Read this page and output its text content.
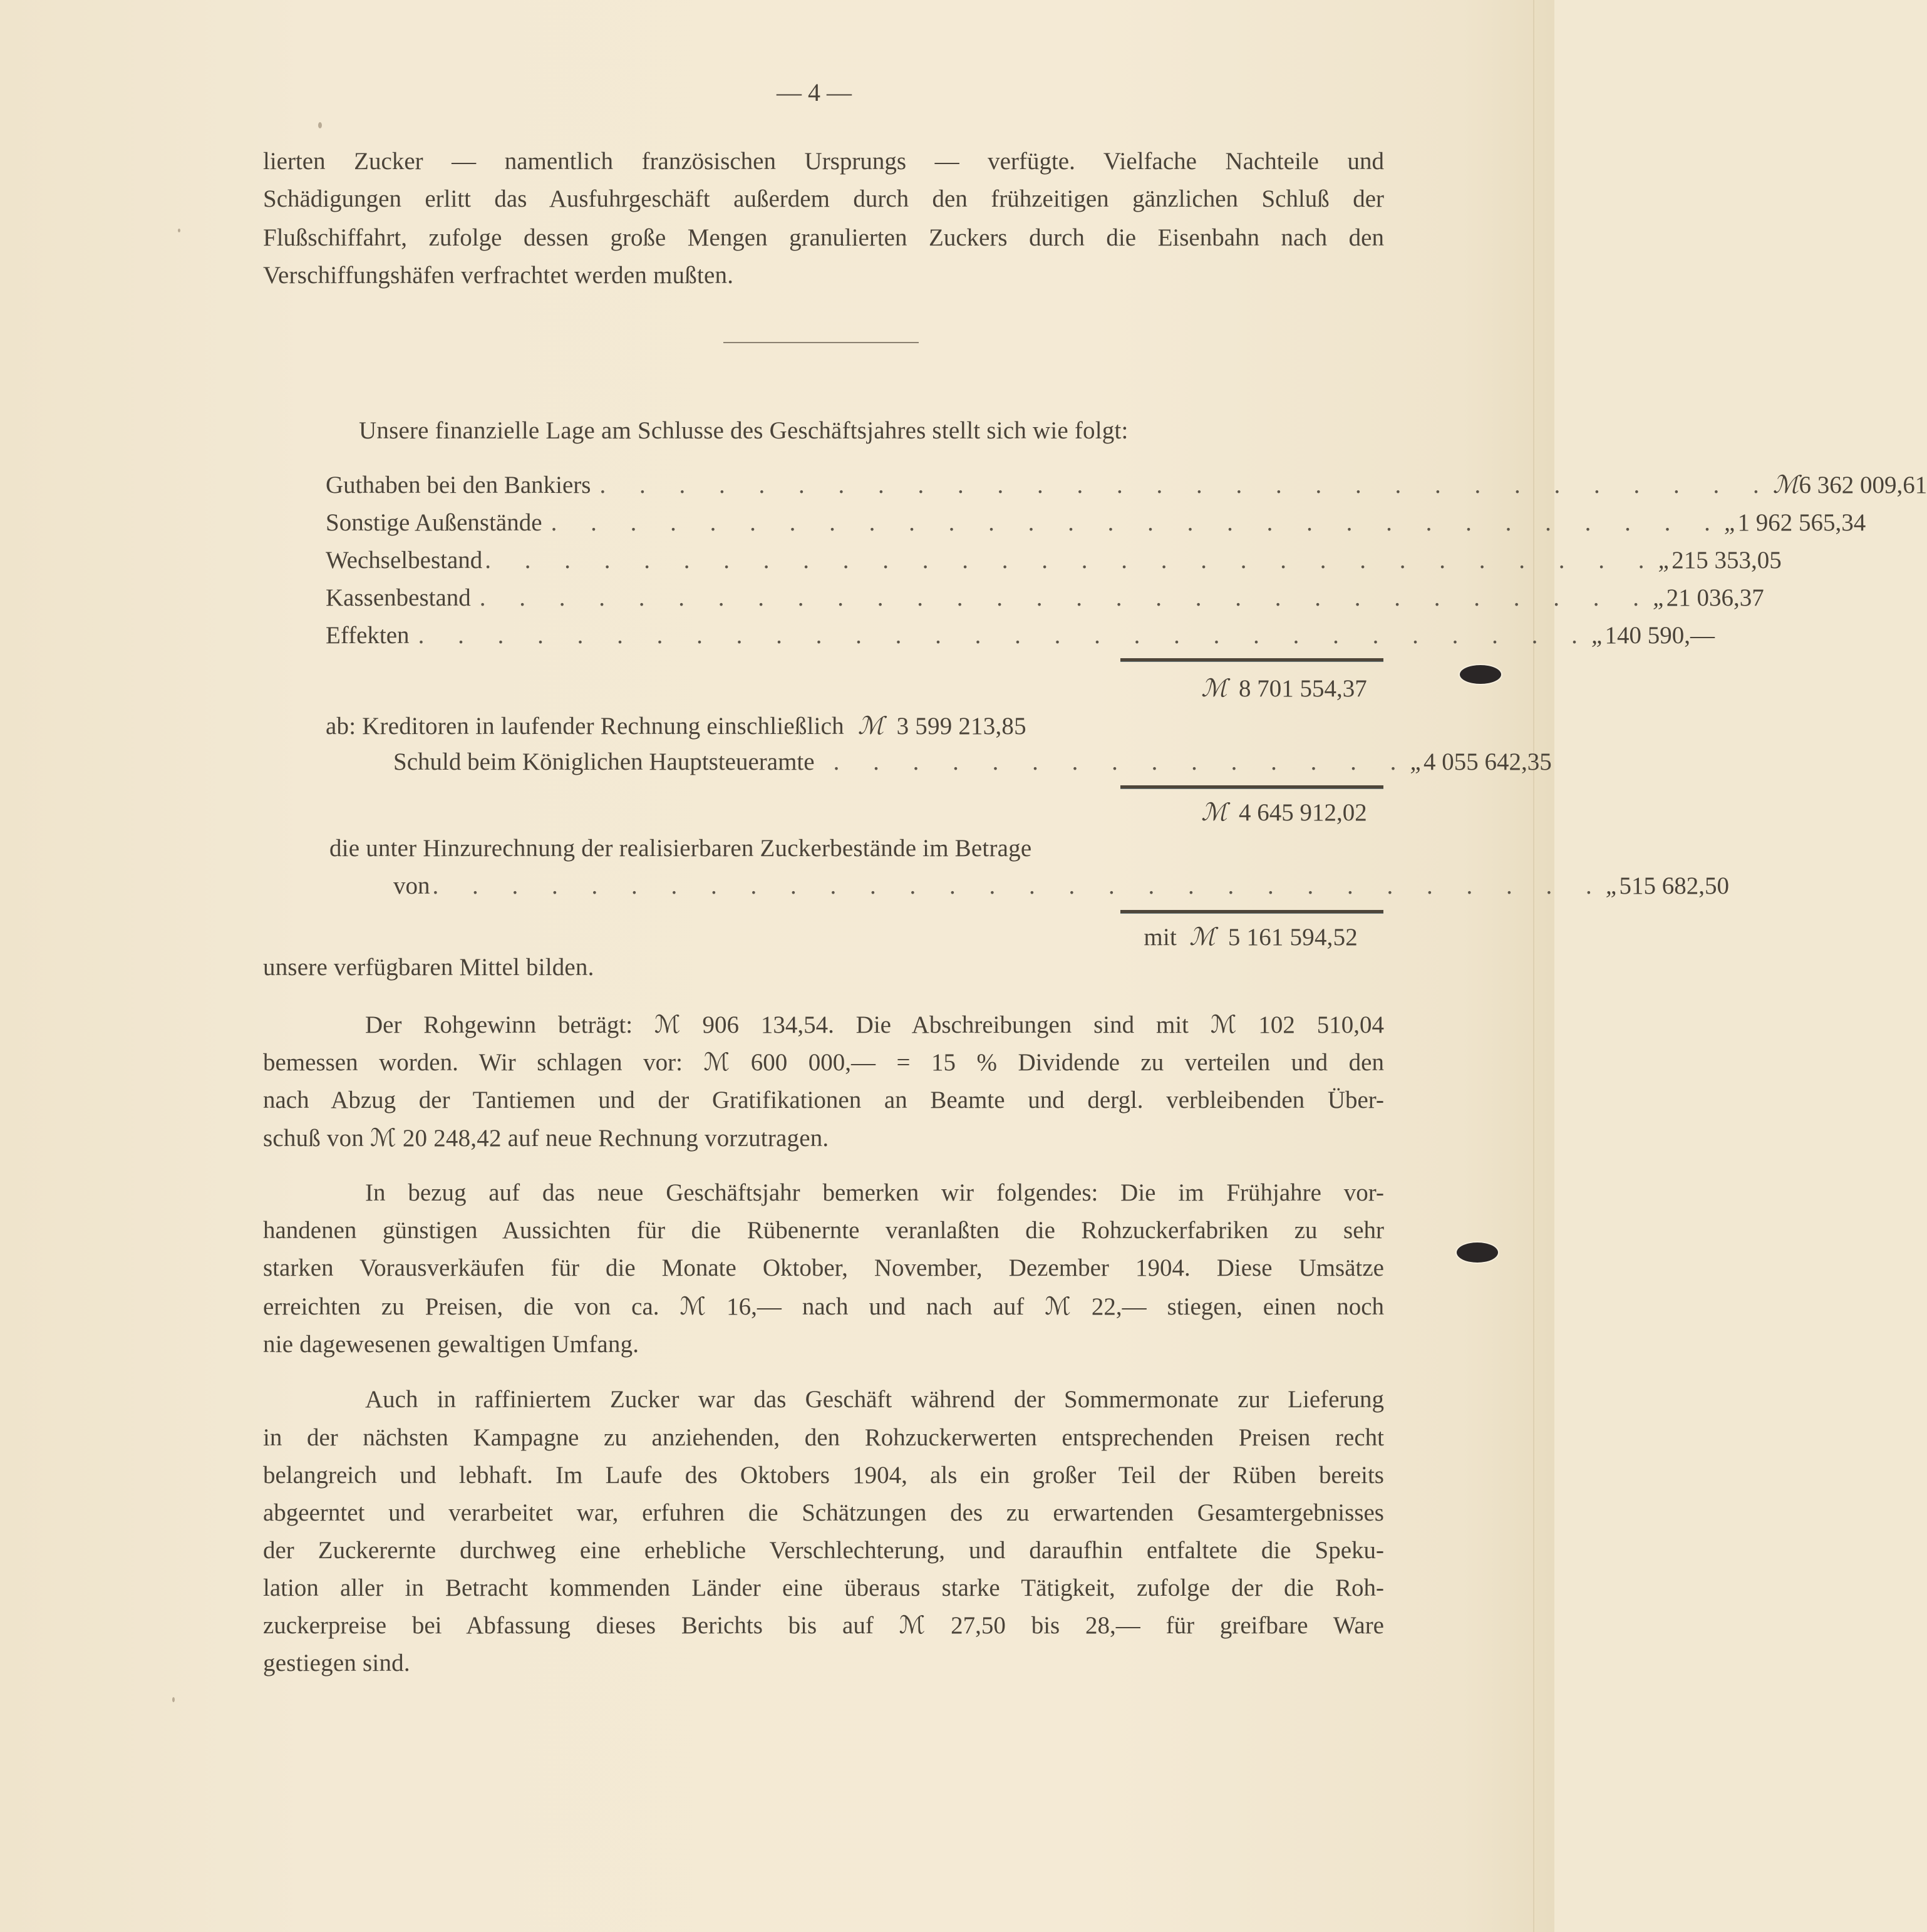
— 4 —
lierten Zucker — namentlich französischen Ursprungs — verfügte. Vielfache Nachteile und
Schädigungen erlitt das Ausfuhrgeschäft außerdem durch den frühzeitigen gänzlichen Schluß der
Flußschiffahrt, zufolge dessen große Mengen granulierten Zuckers durch die Eisenbahn nach den
Verschiffungshäfen verfrachtet werden mußten.
Unsere finanzielle Lage am Schlusse des Geschäftsjahres stellt sich wie folgt:
Guthaben bei den Bankiers . . . . . . . . . . . . . . . . . . . . . . . . . . . . . . ℳ 6 362 009,61
Sonstige Außenstände . . . . . . . . . . . . . . . . . . . . . . . . . . . . . . „ 1 962 565,34
Wechselbestand . . . . . . . . . . . . . . . . . . . . . . . . . . . . . . „ 215 353,05
Kassenbestand . . . . . . . . . . . . . . . . . . . . . . . . . . . . . . „ 21 036,37
Effekten . . . . . . . . . . . . . . . . . . . . . . . . . . . . . . „ 140 590,—
ℳ 8 701 554,37
ab: Kreditoren in laufender Rechnung einschließlich ℳ 3 599 213,85
Schuld beim Königlichen Hauptsteueramte . . . . . . . . . . . . . . . „ 4 055 642,35
ℳ 4 645 912,02
die unter Hinzurechnung der realisierbaren Zuckerbestände im Betrage
von . . . . . . . . . . . . . . . . . . . . . . . . . . . . . . „ 515 682,50
mit ℳ 5 161 594,52
unsere verfügbaren Mittel bilden.
Der Rohgewinn beträgt: ℳ 906 134,54. Die Abschreibungen sind mit ℳ 102 510,04
bemessen worden. Wir schlagen vor: ℳ 600 000,— = 15 % Dividende zu verteilen und den
nach Abzug der Tantiemen und der Gratifikationen an Beamte und dergl. verbleibenden Über-
schuß von ℳ 20 248,42 auf neue Rechnung vorzutragen.
In bezug auf das neue Geschäftsjahr bemerken wir folgendes: Die im Frühjahre vor-
handenen günstigen Aussichten für die Rübenernte veranlaßten die Rohzuckerfabriken zu sehr
starken Vorausverkäufen für die Monate Oktober, November, Dezember 1904. Diese Umsätze
erreichten zu Preisen, die von ca. ℳ 16,— nach und nach auf ℳ 22,— stiegen, einen noch
nie dagewesenen gewaltigen Umfang.
Auch in raffiniertem Zucker war das Geschäft während der Sommermonate zur Lieferung
in der nächsten Kampagne zu anziehenden, den Rohzuckerwerten entsprechenden Preisen recht
belangreich und lebhaft. Im Laufe des Oktobers 1904, als ein großer Teil der Rüben bereits
abgeerntet und verarbeitet war, erfuhren die Schätzungen des zu erwartenden Gesamtergebnisses
der Zuckerernte durchweg eine erhebliche Verschlechterung, und daraufhin entfaltete die Speku-
lation aller in Betracht kommenden Länder eine überaus starke Tätigkeit, zufolge der die Roh-
zuckerpreise bei Abfassung dieses Berichts bis auf ℳ 27,50 bis 28,— für greifbare Ware
gestiegen sind.
